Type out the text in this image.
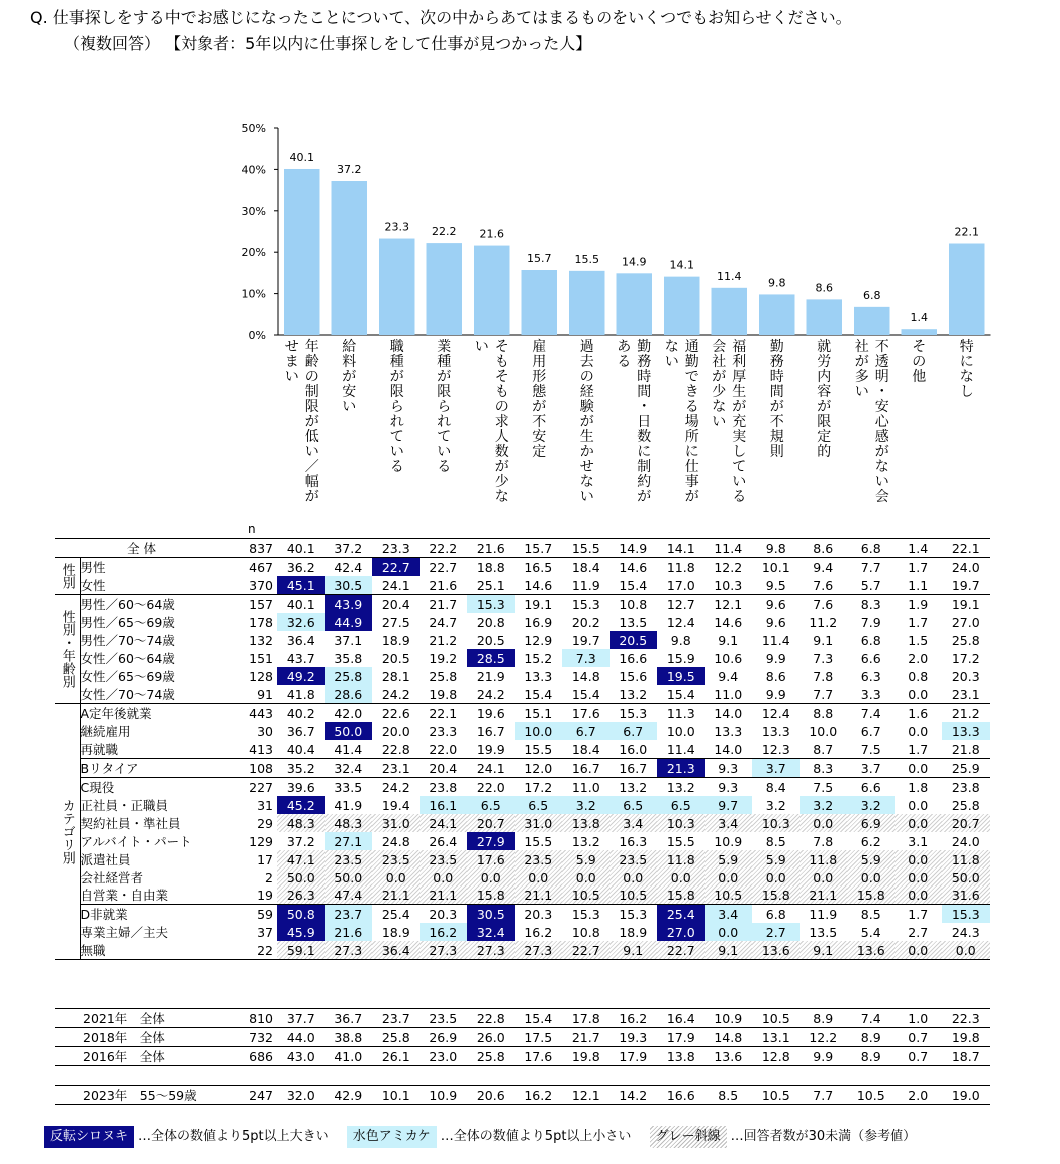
Q. 仕事探しをする中でお感じになったことについて、次の中からあてはまるものをいくつでもお知らせください。
（複数回答） 【対象者：5年以内に仕事探しをして仕事が見つかった人】
0%
10%
20%
30%
40%
50%
40.1
37.2
23.3 22.2 21.6
15.7 15.5 14.9 14.1
11.4
9.8	8.6
6.8
1.4
22.1
年
齢
の
制
限
が
低
い
／
幅
が
せ
ま
い
給
料
が
安
い
職
種
が
限
ら
れ
て
い
る
業
種
が
限
ら
れ
て
い
る
そ
も
そ
も
の
求
人
数
が
少
な
い	雇
用
形
態
が
不
安
定
過
去
の
経
験
が
生
か
せ
な
い
勤
務
時
間
・
日
数
に
制
約
が
あ
る
通
勤
で
き
る
場
所
に
仕
事
が
な
い
福
利
厚
生
が
充
実
し
て
い
る
会
社
が
少
な
い
勤
務
時
間
が
不
規
則
就
労
内
容
が
限
定
的
不
透
明
・
安
心
感
が
な
い
会
社
が
多
い
そ
の
他
特
に
な
し
n
全 体		837	40.1	37.2	23.3	22.2	21.6	15.7	15.5	14.9	14.1	11.4	9.8	8.6	6.8	1.4	22.1
性別	男性	467	36.2	42.4	22.7	22.7	18.8	16.5	18.4	14.6	11.8	12.2	10.1	9.4	7.7	1.7	24.0
	女性	370	45.1	30.5	24.1	21.6	25.1	14.6	11.9	15.4	17.0	10.3	9.5	7.6	5.7	1.1	19.7
性別・年齢別	男性／60〜64歳	157	40.1	43.9	20.4	21.7	15.3	19.1	15.3	10.8	12.7	12.1	9.6	7.6	8.3	1.9	19.1
	男性／65〜69歳	178	32.6	44.9	27.5	24.7	20.8	16.9	20.2	13.5	12.4	14.6	9.6	11.2	7.9	1.7	27.0
	男性／70〜74歳	132	36.4	37.1	18.9	21.2	20.5	12.9	19.7	20.5	9.8	9.1	11.4	9.1	6.8	1.5	25.8
	女性／60〜64歳	151	43.7	35.8	20.5	19.2	28.5	15.2	7.3	16.6	15.9	10.6	9.9	7.3	6.6	2.0	17.2
	女性／65〜69歳	128	49.2	25.8	28.1	25.8	21.9	13.3	14.8	15.6	19.5	9.4	8.6	7.8	6.3	0.8	20.3
	女性／70〜74歳	91	41.8	28.6	24.2	19.8	24.2	15.4	15.4	13.2	15.4	11.0	9.9	7.7	3.3	0.0	23.1
カテゴリ別	A定年後就業	443	40.2	42.0	22.6	22.1	19.6	15.1	17.6	15.3	11.3	14.0	12.4	8.8	7.4	1.6	21.2
	継続雇用	30	36.7	50.0	20.0	23.3	16.7	10.0	6.7	6.7	10.0	13.3	13.3	10.0	6.7	0.0	13.3
	再就職	413	40.4	41.4	22.8	22.0	19.9	15.5	18.4	16.0	11.4	14.0	12.3	8.7	7.5	1.7	21.8
	Bリタイア	108	35.2	32.4	23.1	20.4	24.1	12.0	16.7	16.7	21.3	9.3	3.7	8.3	3.7	0.0	25.9
	C現役	227	39.6	33.5	24.2	23.8	22.0	17.2	11.0	13.2	13.2	9.3	8.4	7.5	6.6	1.8	23.8
	正社員・正職員	31	45.2	41.9	19.4	16.1	6.5	6.5	3.2	6.5	6.5	9.7	3.2	3.2	3.2	0.0	25.8
	契約社員・準社員	29	48.3	48.3	31.0	24.1	20.7	31.0	13.8	3.4	10.3	3.4	10.3	0.0	6.9	0.0	20.7
	アルバイト・パート	129	37.2	27.1	24.8	26.4	27.9	15.5	13.2	16.3	15.5	10.9	8.5	7.8	6.2	3.1	24.0
	派遣社員	17	47.1	23.5	23.5	23.5	17.6	23.5	5.9	23.5	11.8	5.9	5.9	11.8	5.9	0.0	11.8
	会社経営者	2	50.0	50.0	0.0	0.0	0.0	0.0	0.0	0.0	0.0	0.0	0.0	0.0	0.0	0.0	50.0
	自営業・自由業	19	26.3	47.4	21.1	21.1	15.8	21.1	10.5	10.5	15.8	10.5	15.8	21.1	15.8	0.0	31.6
	D非就業	59	50.8	23.7	25.4	20.3	30.5	20.3	15.3	15.3	25.4	3.4	6.8	11.9	8.5	1.7	15.3
	専業主婦／主夫	37	45.9	21.6	18.9	16.2	32.4	16.2	10.8	18.9	27.0	0.0	2.7	13.5	5.4	2.7	24.3
	無職	22	59.1	27.3	36.4	27.3	27.3	27.3	22.7	9.1	22.7	9.1	13.6	9.1	13.6	0.0	0.0
2021年　全体	810	37.7	36.7	23.7	23.5	22.8	15.4	17.8	16.2	16.4	10.9	10.5	8.9	7.4	1.0	22.3
2018年　全体	732	44.0	38.8	25.8	26.9	26.0	17.5	21.7	19.3	17.9	14.8	13.1	12.2	8.9	0.7	19.8
2016年　全体	686	43.0	41.0	26.1	23.0	25.8	17.6	19.8	17.9	13.8	13.6	12.8	9.9	8.9	0.7	18.7
2023年　55〜59歳	247	32.0	42.9	10.1	10.9	20.6	16.2	12.1	14.2	16.6	8.5	10.5	7.7	10.5	2.0	19.0
反転シロヌキ …全体の数値より5pt以上大きい 水色アミカケ …全体の数値より5pt以上小さい グレー斜線 …回答者数が30未満（参考値）
